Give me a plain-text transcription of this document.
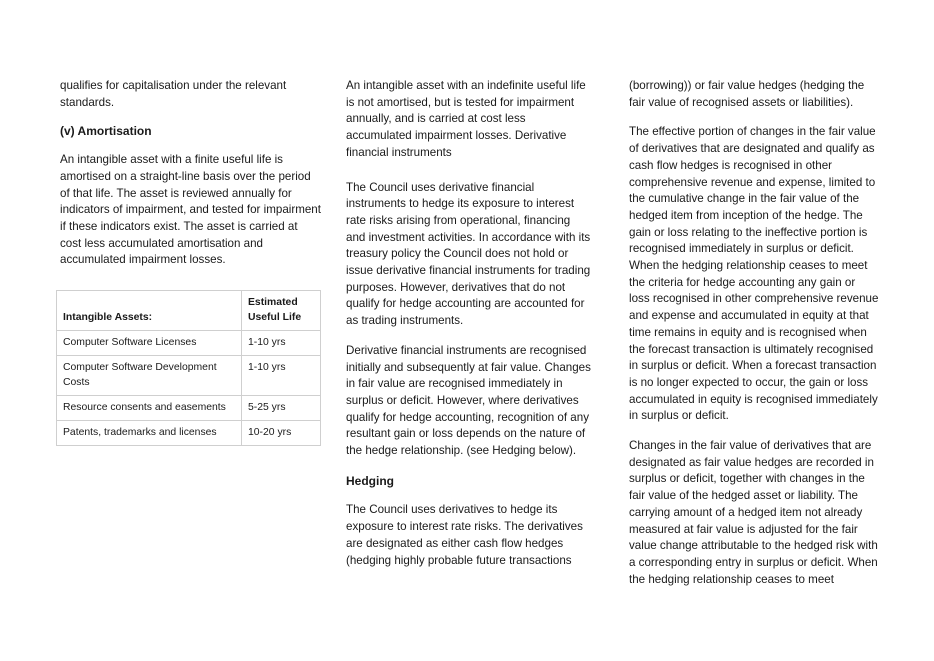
qualifies for capitalisation under the relevant standards.

(v) Amortisation

An intangible asset with a finite useful life is amortised on a straight-line basis over the period of that life. The asset is reviewed annually for indicators of impairment, and tested for impairment if these indicators exist. The asset is carried at cost less accumulated amortisation and accumulated impairment losses.

Intangible Assets:	Estimated Useful Life
Computer Software Licenses	1-10 yrs
Computer Software Development Costs	1-10 yrs
Resource consents and easements	5-25 yrs
Patents, trademarks and licenses	10-20 yrs

An intangible asset with an indefinite useful life is not amortised, but is tested for impairment annually, and is carried at cost less accumulated impairment losses. Derivative financial instruments

The Council uses derivative financial instruments to hedge its exposure to interest rate risks arising from operational, financing and investment activities. In accordance with its treasury policy the Council does not hold or issue derivative financial instruments for trading purposes. However, derivatives that do not qualify for hedge accounting are accounted for as trading instruments.

Derivative financial instruments are recognised initially and subsequently at fair value. Changes in fair value are recognised immediately in surplus or deficit. However, where derivatives qualify for hedge accounting, recognition of any resultant gain or loss depends on the nature of the hedge relationship. (see Hedging below).

Hedging

The Council uses derivatives to hedge its exposure to interest rate risks. The derivatives are designated as either cash flow hedges (hedging highly probable future transactions

(borrowing)) or fair value hedges (hedging the fair value of recognised assets or liabilities).

The effective portion of changes in the fair value of derivatives that are designated and qualify as cash flow hedges is recognised in other comprehensive revenue and expense, limited to the cumulative change in the fair value of the hedged item from inception of the hedge. The gain or loss relating to the ineffective portion is recognised immediately in surplus or deficit. When the hedging relationship ceases to meet the criteria for hedge accounting any gain or loss recognised in other comprehensive revenue and expense and accumulated in equity at that time remains in equity and is recognised when the forecast transaction is ultimately recognised in surplus or deficit. When a forecast transaction is no longer expected to occur, the gain or loss accumulated in equity is recognised immediately in surplus or deficit.

Changes in the fair value of derivatives that are designated as fair value hedges are recorded in surplus or deficit, together with changes in the fair value of the hedged asset or liability. The carrying amount of a hedged item not already measured at fair value is adjusted for the fair value change attributable to the hedged risk with a corresponding entry in surplus or deficit. When the hedging relationship ceases to meet
